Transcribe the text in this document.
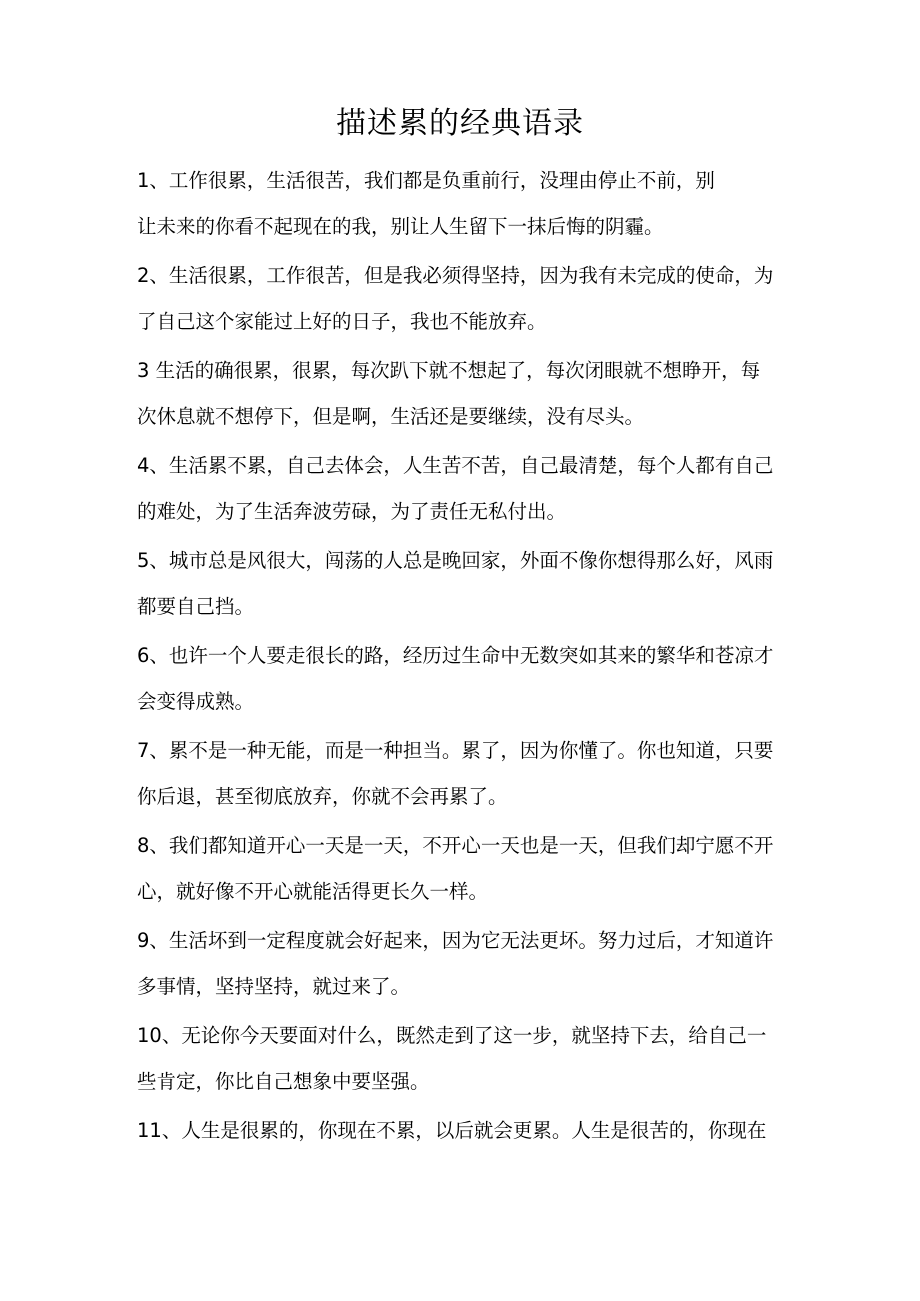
描述累的经典语录

1、工作很累，生活很苦，我们都是负重前行，没理由停止不前，别
让未来的你看不起现在的我，别让人生留下一抹后悔的阴霾。

2、生活很累，工作很苦，但是我必须得坚持，因为我有未完成的使命，为
了自己这个家能过上好的日子，我也不能放弃。

3 生活的确很累，很累，每次趴下就不想起了，每次闭眼就不想睁开，每
次休息就不想停下，但是啊，生活还是要继续，没有尽头。

4、生活累不累，自己去体会，人生苦不苦，自己最清楚，每个人都有自己
的难处，为了生活奔波劳碌，为了责任无私付出。

5、城市总是风很大，闯荡的人总是晚回家，外面不像你想得那么好，风雨
都要自己挡。

6、也许一个人要走很长的路，经历过生命中无数突如其来的繁华和苍凉才
会变得成熟。

7、累不是一种无能，而是一种担当。累了，因为你懂了。你也知道，只要
你后退，甚至彻底放弃，你就不会再累了。

8、我们都知道开心一天是一天，不开心一天也是一天，但我们却宁愿不开
心，就好像不开心就能活得更长久一样。

9、生活坏到一定程度就会好起来，因为它无法更坏。努力过后，才知道许
多事情，坚持坚持，就过来了。

10、无论你今天要面对什么，既然走到了这一步，就坚持下去，给自己一
些肯定，你比自己想象中要坚强。

11、人生是很累的，你现在不累，以后就会更累。人生是很苦的，你现在
